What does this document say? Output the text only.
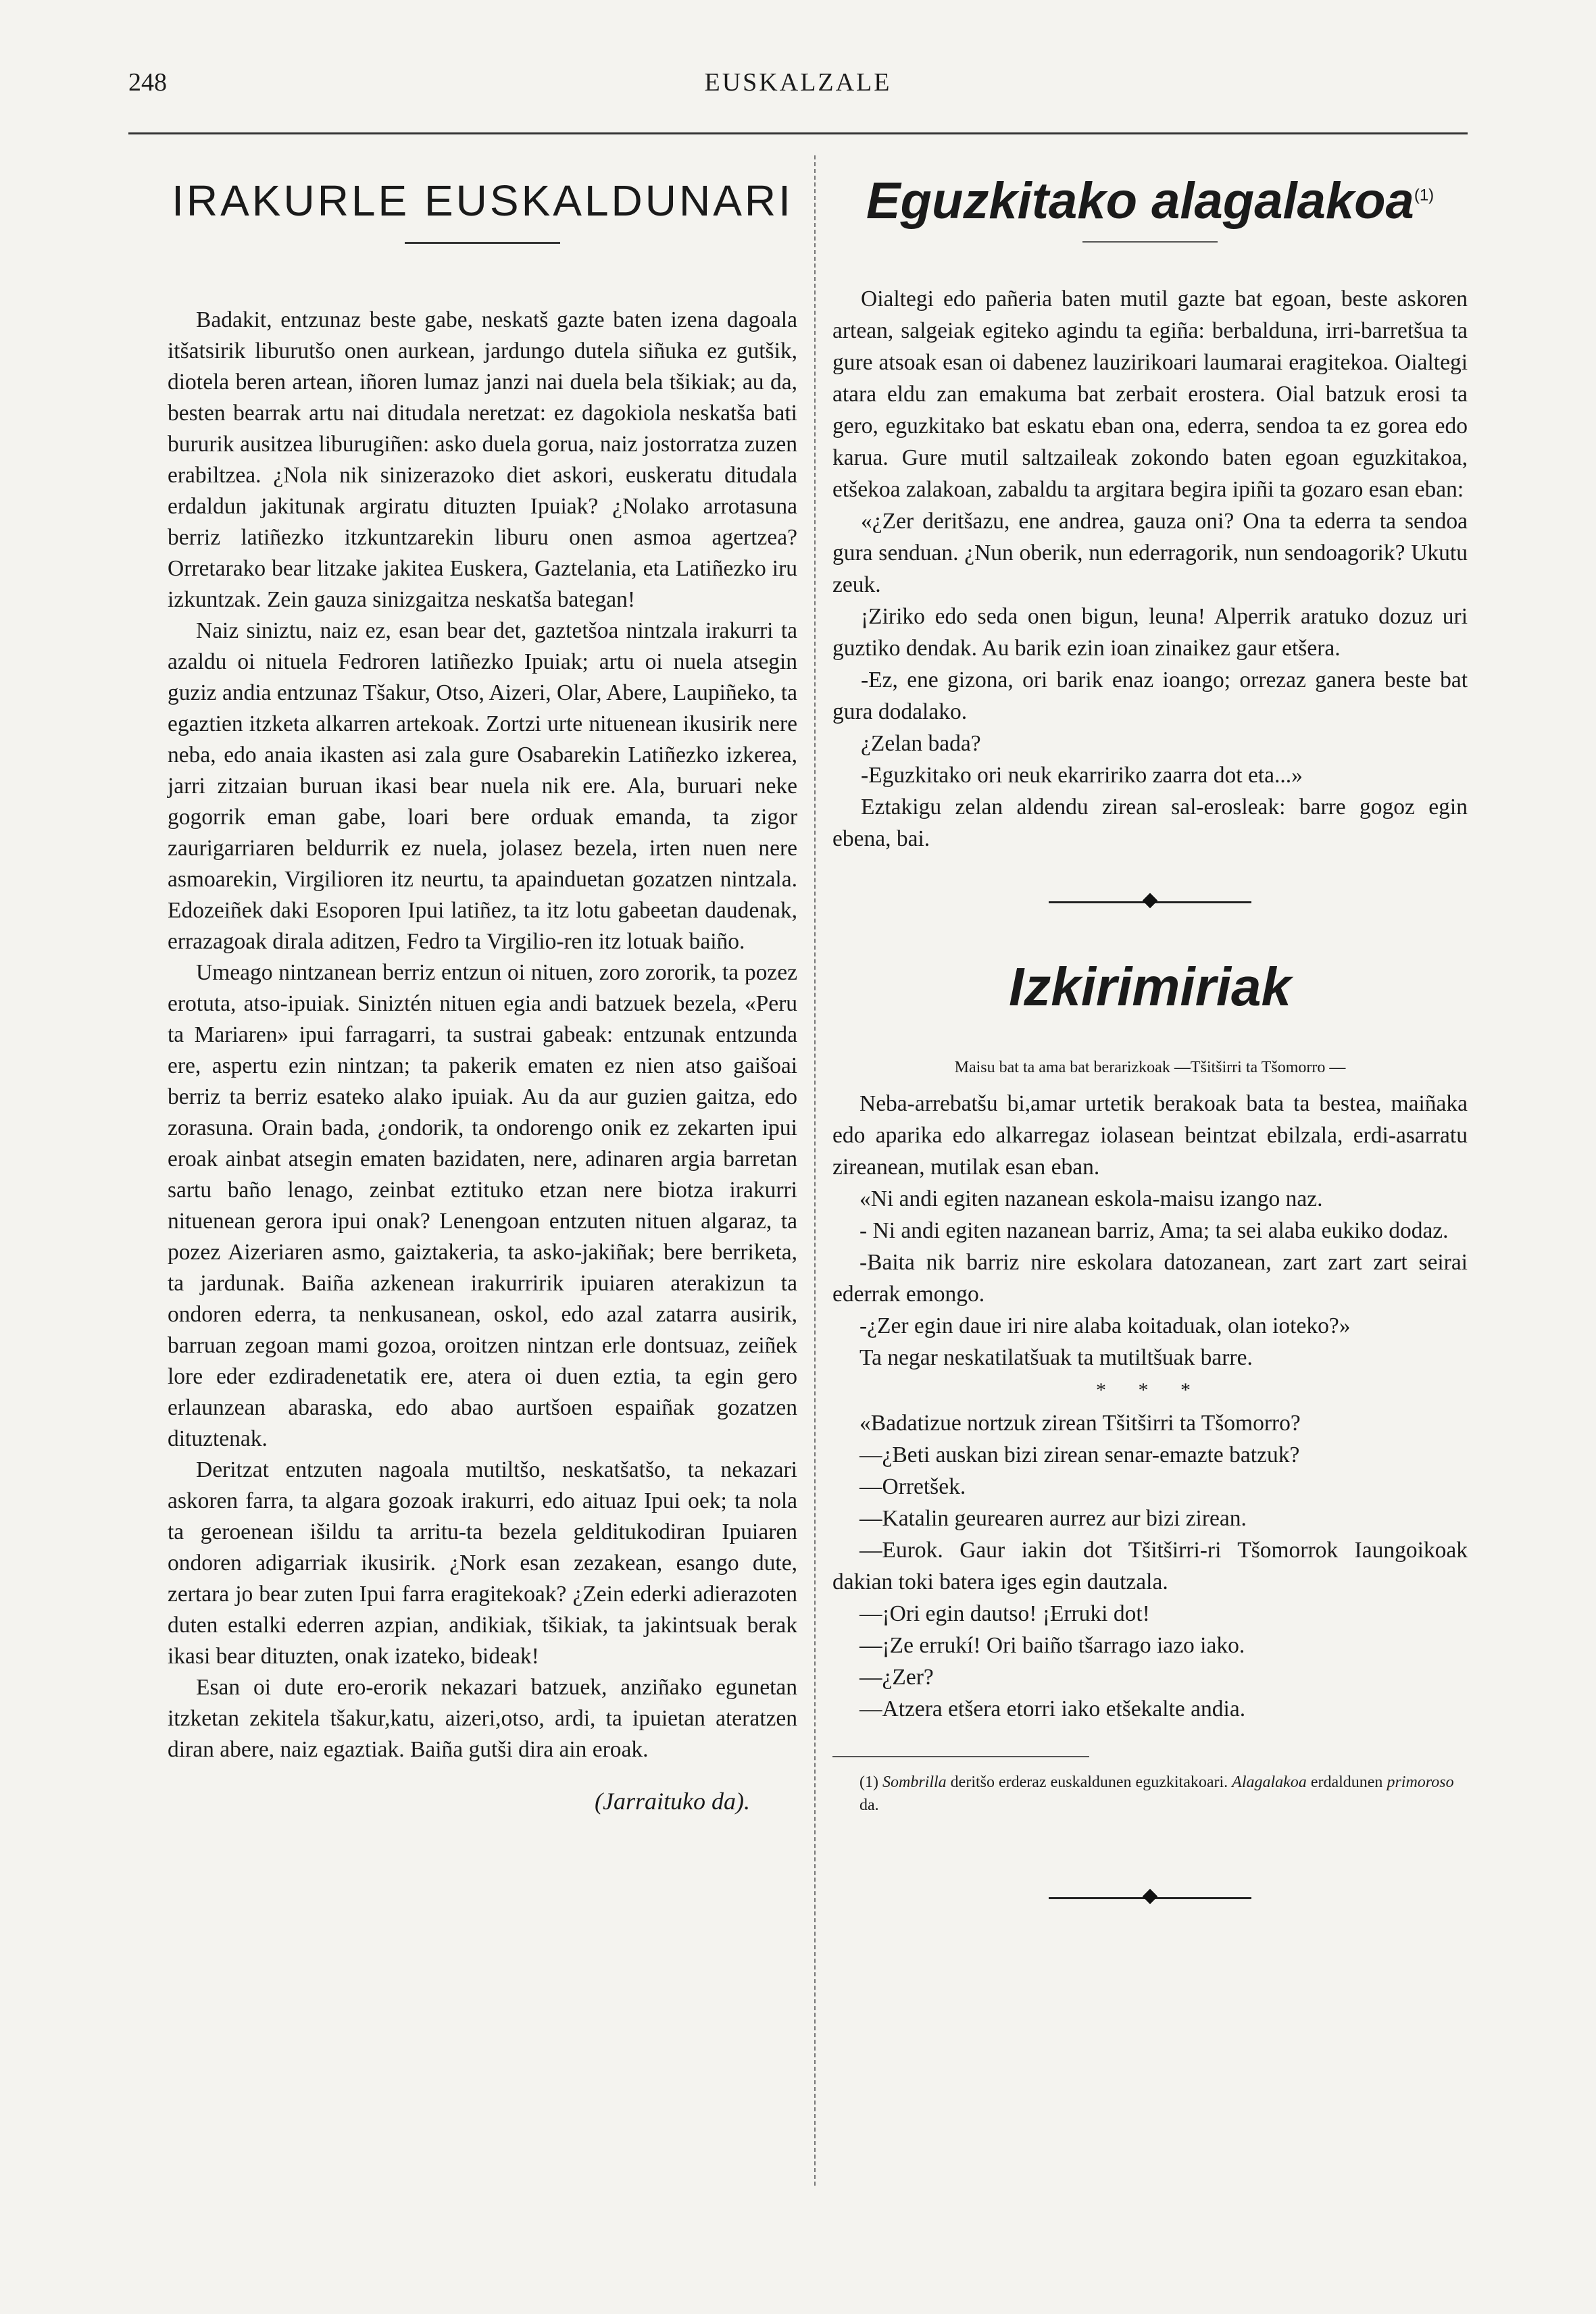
248	EUSKALZALE
IRAKURLE EUSKALDUNARI

Badakit, entzunaz beste gabe, neskatš gazte baten izena dagoala itšatsirik liburutšo onen aurkean, jardungo dutela siñuka ez gutšik, diotela beren artean, iñoren lumaz janzi nai duela bela tšikiak; au da, besten bearrak artu nai ditudala neretzat: ez dagokiola neskatša bati bururik ausitzea liburugiñen: asko duela gorua, naiz jostorratza zuzen erabiltzea. ¿Nola nik sinizerazoko diet askori, euskeratu ditudala erdaldun jakitunak argiratu dituzten Ipuiak? ¿Nolako arrotasuna berriz latiñezko itzkuntzarekin liburu onen asmoa agertzea? Orretarako bear litzake jakitea Euskera, Gaztelania, eta Latiñezko iru izkuntzak. Zein gauza sinizgaitza neskatša bategan!

Naiz siniztu, naiz ez, esan bear det, gaztetšoa nintzala irakurri ta azaldu oi nituela Fedroren latiñezko Ipuiak; artu oi nuela atsegin guziz andia entzunaz Tšakur, Otso, Aizeri, Olar, Abere, Laupiñeko, ta egaztien itzketa alkarren artekoak. Zortzi urte nituenean ikusirik nere neba, edo anaia ikasten asi zala gure Osabarekin Latiñezko izkerea, jarri zitzaian buruan ikasi bear nuela nik ere. Ala, buruari neke gogorrik eman gabe, loari bere orduak emanda, ta zigor zaurigarriaren beldurrik ez nuela, jolasez bezela, irten nuen nere asmoarekin, Virgilioren itz neurtu, ta apainduetan gozatzen nintzala. Edozeiñek daki Esoporen Ipui latiñez, ta itz lotu gabeetan daudenak, errazagoak dirala aditzen, Fedro ta Virgilio-ren itz lotuak baiño.

Umeago nintzanean berriz entzun oi nituen, zoro zororik, ta pozez erotuta, atso-ipuiak. Siniztén nituen egia andi batzuek bezela, «Peru ta Mariaren» ipui farragarri, ta sustrai gabeak: entzunak entzunda ere, aspertu ezin nintzan; ta pakerik ematen ez nien atso gaišoai berriz ta berriz esateko alako ipuiak. Au da aur guzien gaitza, edo zorasuna. Orain bada, ¿ondorik, ta ondorengo onik ez zekarten ipui eroak ainbat atsegin ematen bazidaten, nere, adinaren argia barretan sartu baño lenago, zeinbat eztituko etzan nere biotza irakurri nituenean gerora ipui onak? Lenengoan entzuten nituen algaraz, ta pozez Aizeriaren asmo, gaiztakeria, ta asko-jakiñak; bere berriketa, ta jardunak. Baiña azkenean irakurririk ipuiaren aterakizun ta ondoren ederra, ta nenkusanean, oskol, edo azal zatarra ausirik, barruan zegoan mami gozoa, oroitzen nintzan erle dontsuaz, zeiñek lore eder ezdiradenetatik ere, atera oi duen eztia, ta egin gero erlaunzean abaraska, edo abao aurtšoen espaiñak gozatzen dituztenak.

Deritzat entzuten nagoala mutiltšo, neskatšatšo, ta nekazari askoren farra, ta algara gozoak irakurri, edo aituaz Ipui oek; ta nola ta geroenean išildu ta arritu-ta bezela gelditukodiran Ipuiaren ondoren adigarriak ikusirik. ¿Nork esan zezakean, esango dute, zertara jo bear zuten Ipui farra eragitekoak? ¿Zein ederki adierazoten duten estalki ederren azpian, andikiak, tšikiak, ta jakintsuak berak ikasi bear dituzten, onak izateko, bideak!

Esan oi dute ero-erorik nekazari batzuek, anziñako egunetan itzketan zekitela tšakur,katu, aizeri,otso, ardi, ta ipuietan ateratzen diran abere, naiz egaztiak. Baiña gutši dira ain eroak.

(Jarraituko da).
Eguzkitako alagalakoa$^{(1)}$

Oialtegi edo pañeria baten mutil gazte bat egoan, beste askoren artean, salgeiak egiteko agindu ta egiña: berbalduna, irri-barretšua ta gure atsoak esan oi dabenez lauzirikoari laumarai eragitekoa. Oialtegi atara eldu zan emakuma bat zerbait erostera. Oial batzuk erosi ta gero, eguzkitako bat eskatu eban ona, ederra, sendoa ta ez gorea edo karua. Gure mutil saltzaileak zokondo baten egoan eguzkitakoa, etšekoa zalakoan, zabaldu ta argitara begira ipiñi ta gozaro esan eban:

«¿Zer deritšazu, ene andrea, gauza oni? Ona ta ederra ta sendoa gura senduan. ¿Nun oberik, nun ederragorik, nun sendoagorik? Ukutu zeuk.

¡Ziriko edo seda onen bigun, leuna! Alperrik aratuko dozuz uri guztiko dendak. Au barik ezin ioan zinaikez gaur etšera.

-Ez, ene gizona, ori barik enaz ioango; orrezaz ganera beste bat gura dodalako.

¿Zelan bada?

-Eguzkitako ori neuk ekarririko zaarra dot eta...»

Eztakigu zelan aldendu zirean sal-erosleak: barre gogoz egin ebena, bai.

Izkirimiriak
Maisu bat ta ama bat berarizkoak —Tšitširri ta Tšomorro —

Neba-arrebatšu bi,amar urtetik berakoak bata ta bestea, maiñaka edo aparika edo alkarregaz iolasean beintzat ebilzala, erdi-asarratu zireanean, mutilak esan eban.

«Ni andi egiten nazanean eskola-maisu izango naz.

- Ni andi egiten nazanean barriz, Ama; ta sei alaba eukiko dodaz.

-Baita nik barriz nire eskolara datozanean, zart zart zart seirai ederrak emongo.

-¿Zer egin daue iri nire alaba koitaduak, olan ioteko?»

Ta negar neskatilatšuak ta mutiltšuak barre.

* * *

«Badatizue nortzuk zirean Tšitširri ta Tšomorro?

—¿Beti auskan bizi zirean senar-emazte batzuk?

—Orretšek.

—Katalin geurearen aurrez aur bizi zirean.

—Eurok. Gaur iakin dot Tšitširri-ri Tšomorrok Iaungoikoak dakian toki batera iges egin dautzala.

—¡Ori egin dautso! ¡Erruki dot!

—¡Ze errukí! Ori baiño tšarrago iazo iako.

—¿Zer?

—Atzera etšera etorri iako etšekalte andia.

(1) Sombrilla deritšo erderaz euskaldunen eguzkitakoari. Alagalakoa erdaldunen primoroso da.
